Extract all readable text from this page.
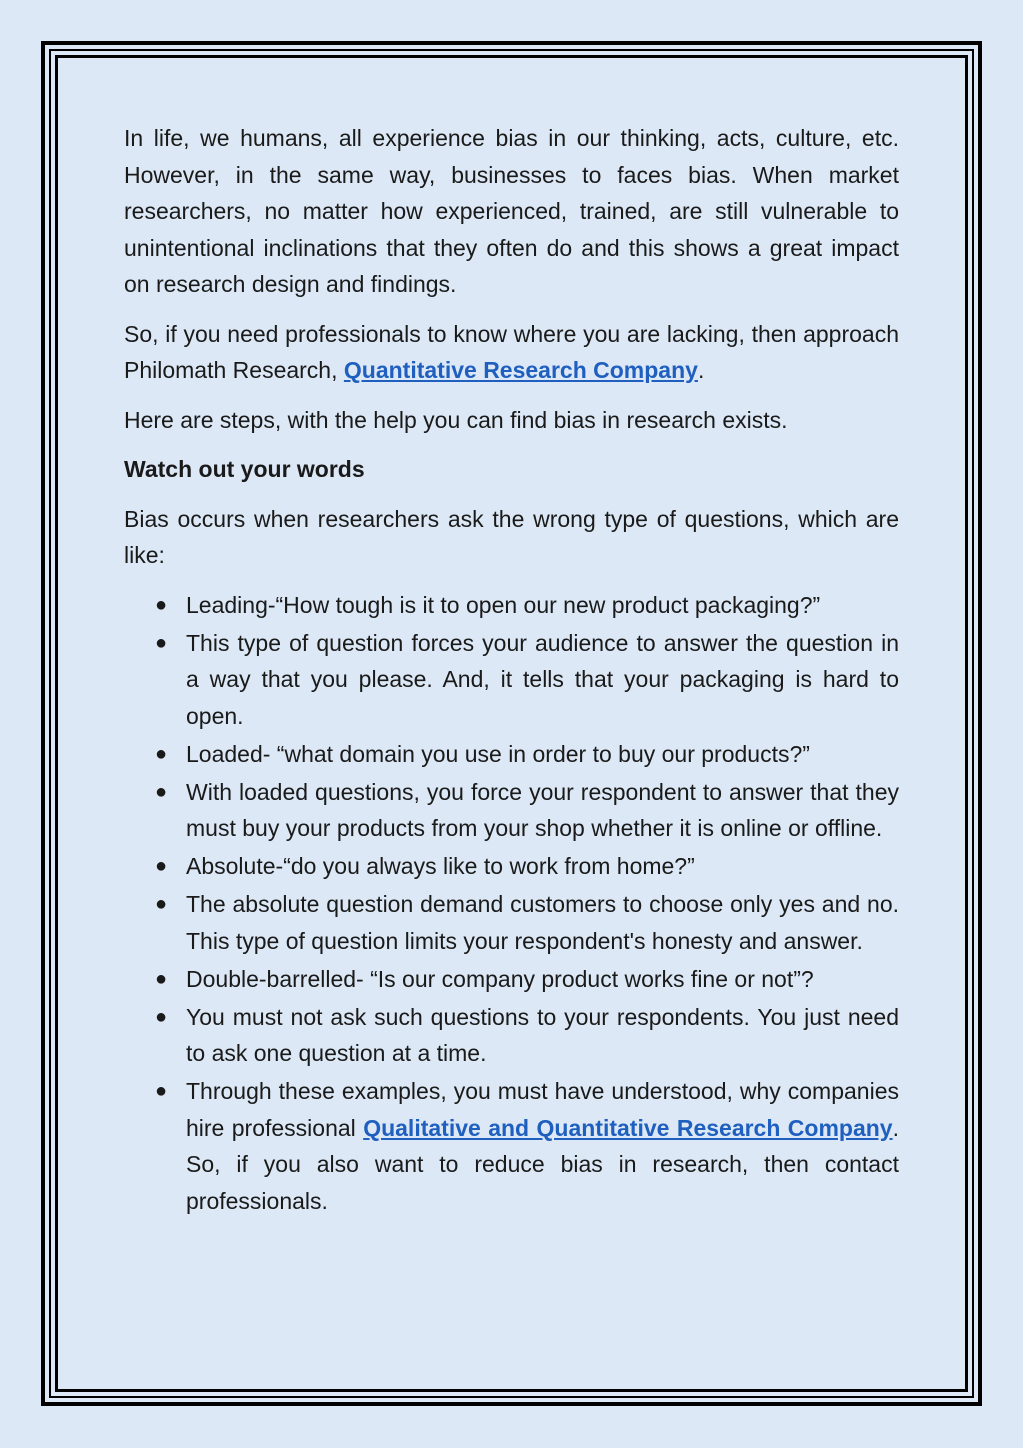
In life, we humans, all experience bias in our thinking, acts, culture, etc. However, in the same way, businesses to faces bias. When market researchers, no matter how experienced, trained, are still vulnerable to unintentional inclinations that they often do and this shows a great impact on research design and findings.

So, if you need professionals to know where you are lacking, then approach Philomath Research, Quantitative Research Company.

Here are steps, with the help you can find bias in research exists.

Watch out your words

Bias occurs when researchers ask the wrong type of questions, which are like:

● Leading-“How tough is it to open our new product packaging?”
● This type of question forces your audience to answer the question in a way that you please. And, it tells that your packaging is hard to open.
● Loaded- “what domain you use in order to buy our products?”
● With loaded questions, you force your respondent to answer that they must buy your products from your shop whether it is online or offline.
● Absolute-“do you always like to work from home?”
● The absolute question demand customers to choose only yes and no. This type of question limits your respondent's honesty and answer.
● Double-barrelled- “Is our company product works fine or not”?
● You must not ask such questions to your respondents. You just need to ask one question at a time.
● Through these examples, you must have understood, why companies hire professional Qualitative and Quantitative Research Company. So, if you also want to reduce bias in research, then contact professionals.
